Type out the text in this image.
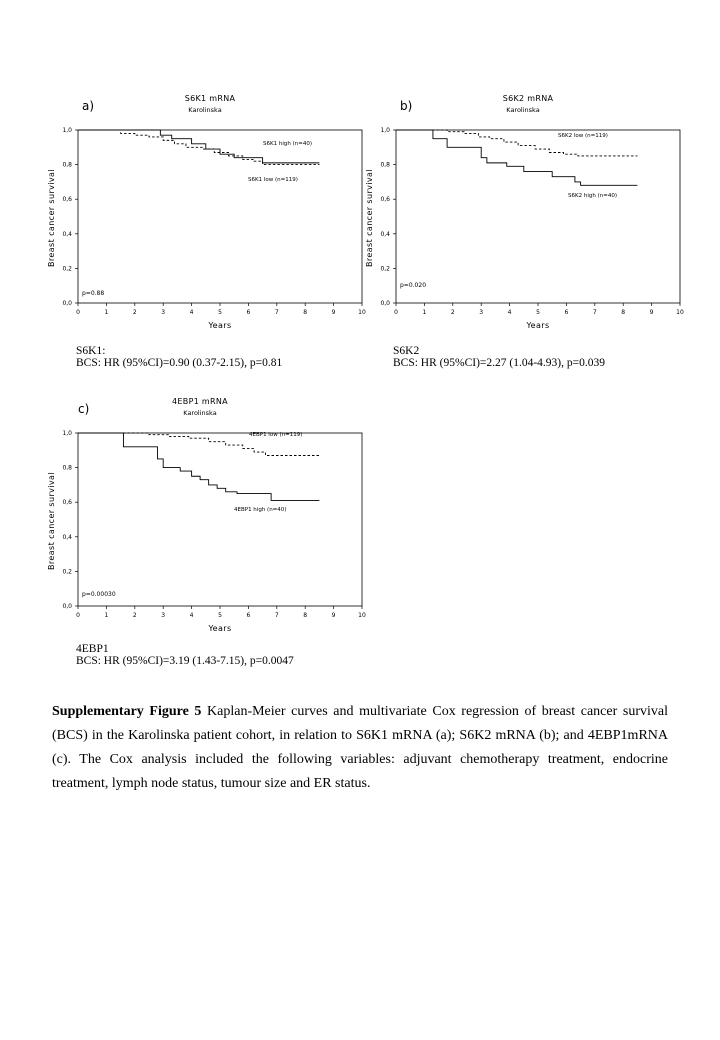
a)
S6K1 mRNA
Karolinska
Breast cancer survival
Years
p=0.88
0	1	2	3	4	5	6	7	8	9	10
0,0
0,2
0,4
0,6
0,8
1,0
S6K1 high (n=40)
S6K1 low (n=119)
b)
S6K2 mRNA
Karolinska
Breast cancer survival
Years
p=0.020
0	1	2	3	4	5	6	7	8	9	10
0,0
0,2
0,4
0,6
0,8
1,0
S6K2 low (n=119)
S6K2 high (n=40)
c)
4EBP1 mRNA
Karolinska
Breast cancer survival
Years
p=0.00030
0	1	2	3	4	5	6	7	8	9	10
0,0
0,2
0,4
0,6
0,8
1,0	4EBP1 low (n=119)
4EBP1 high (n=40)
S6K1:
BCS: HR (95%CI)=0.90 (0.37-2.15), p=0.81
S6K2
BCS: HR (95%CI)=2.27 (1.04-4.93), p=0.039
4EBP1
BCS: HR (95%CI)=3.19 (1.43-7.15), p=0.0047
Supplementary Figure 5 Kaplan-Meier curves and multivariate Cox regression of breast cancer survival (BCS) in the Karolinska patient cohort, in relation to S6K1 mRNA (a); S6K2 mRNA (b); and 4EBP1mRNA (c). The Cox analysis included the following variables: adjuvant chemotherapy treatment, endocrine treatment, lymph node status, tumour size and ER status.
